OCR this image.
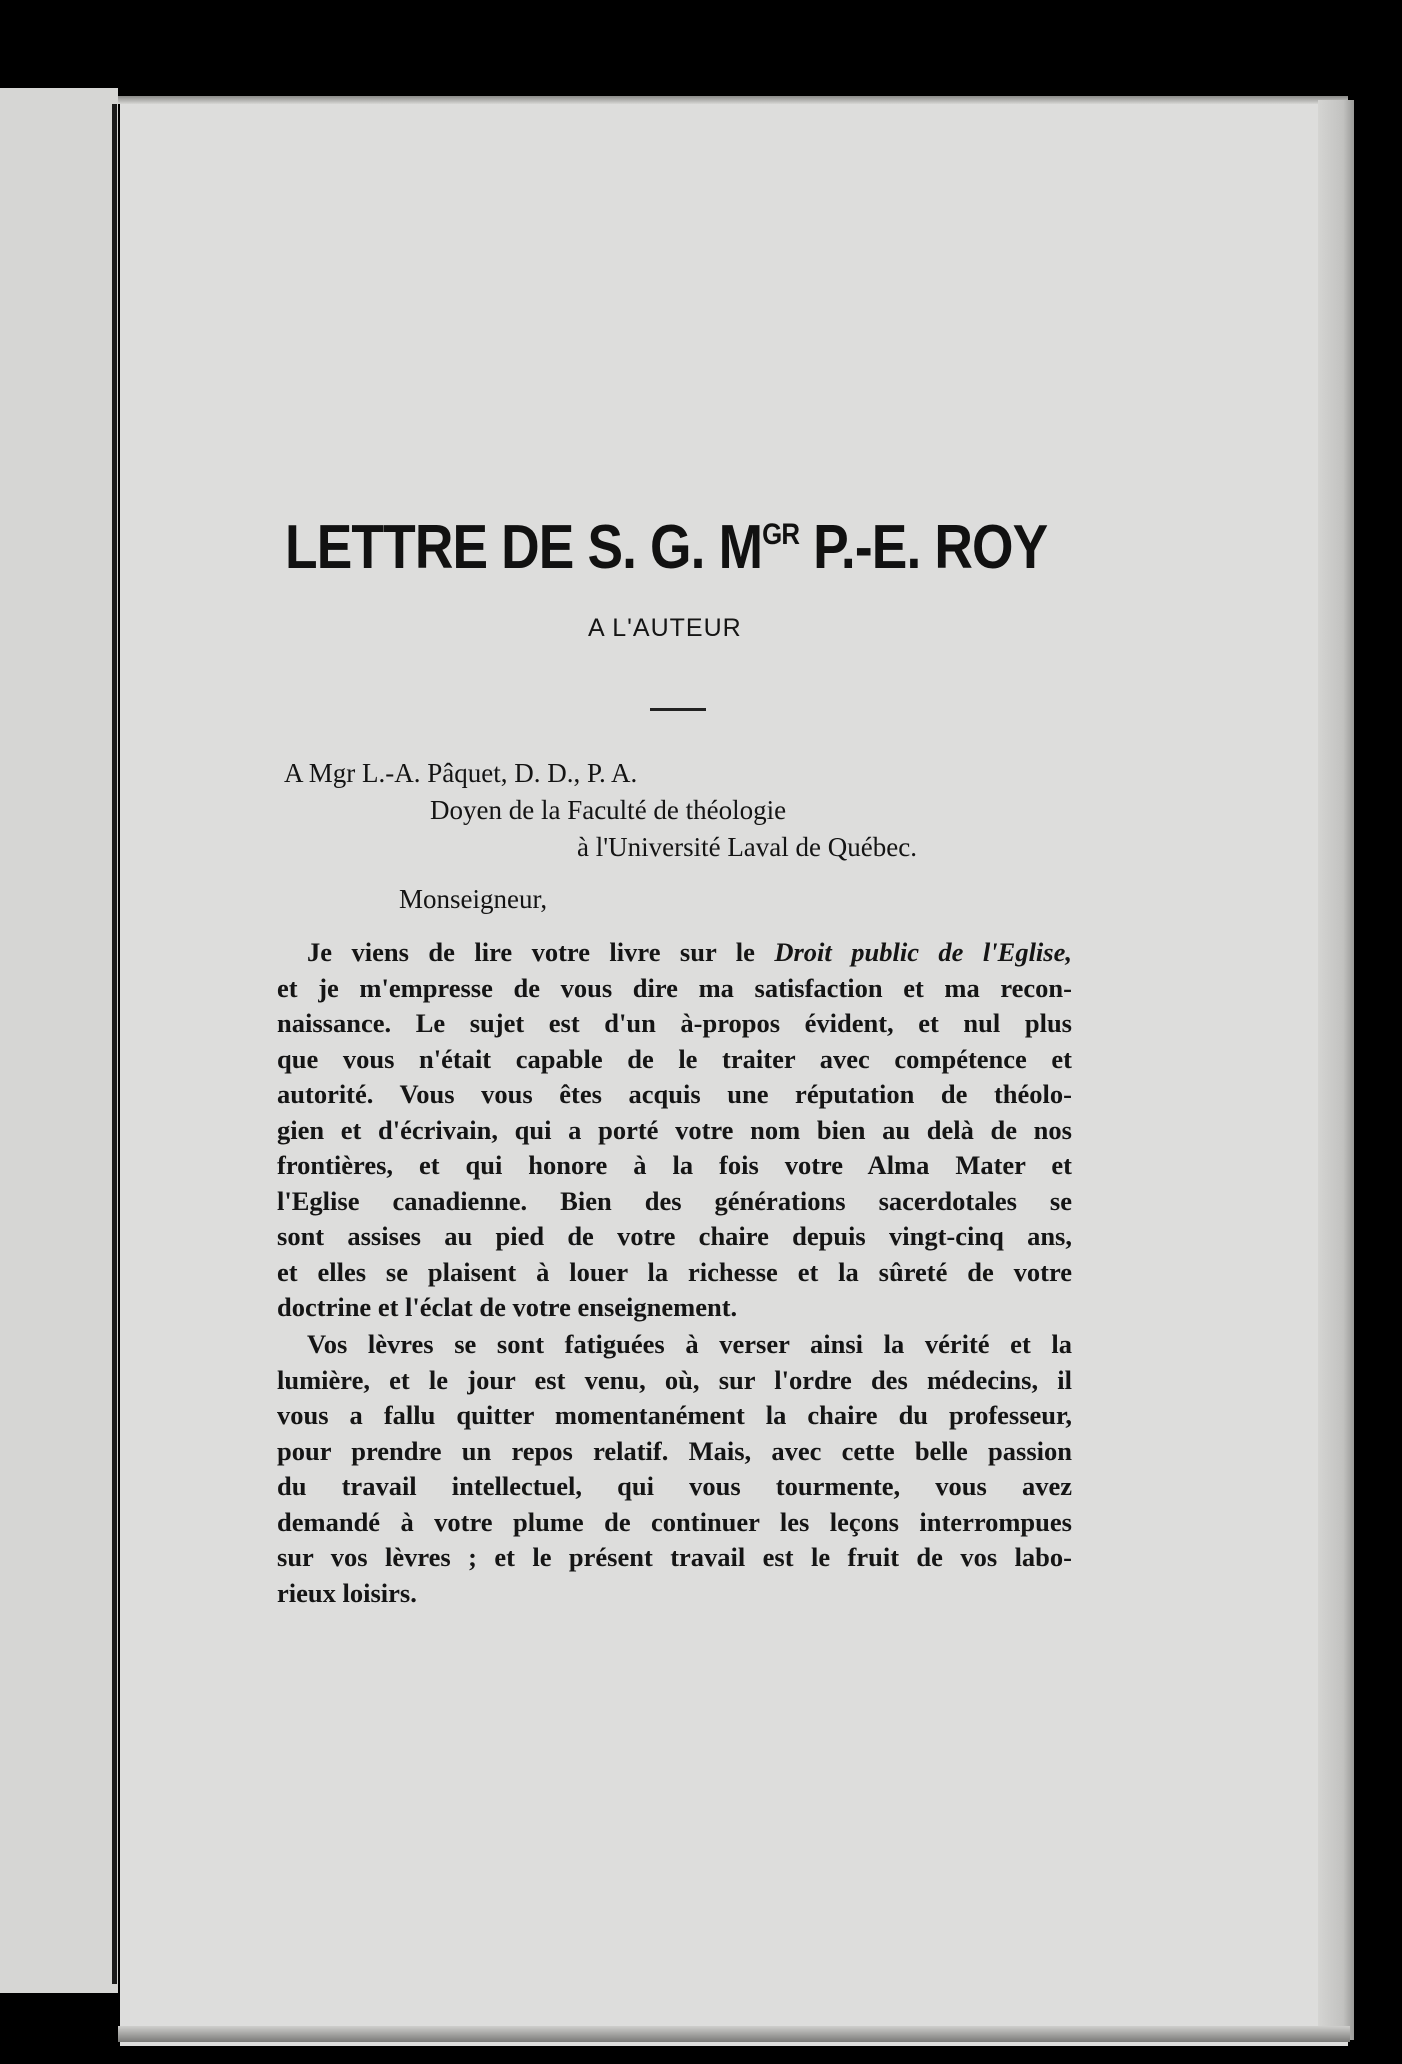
LETTRE DE S. G. $M^{GR}$ P.-E. ROY

A L'AUTEUR

A Mgr L.-A. Pâquet, D. D., P. A.

Doyen de la Faculté de théologie

à l'Université Laval de Québec.

Monseigneur,

Je viens de lire votre livre sur le Droit public de l'Eglise,
et je m'empresse de vous dire ma satisfaction et ma recon-
naissance. Le sujet est d'un à-propos évident, et nul plus
que vous n'était capable de le traiter avec compétence et
autorité. Vous vous êtes acquis une réputation de théolo-
gien et d'écrivain, qui a porté votre nom bien au delà de nos
frontières, et qui honore à la fois votre Alma Mater et
l'Eglise canadienne. Bien des générations sacerdotales se
sont assises au pied de votre chaire depuis vingt-cinq ans,
et elles se plaisent à louer la richesse et la sûreté de votre
doctrine et l'éclat de votre enseignement.
Vos lèvres se sont fatiguées à verser ainsi la vérité et la
lumière, et le jour est venu, où, sur l'ordre des médecins, il
vous a fallu quitter momentanément la chaire du professeur,
pour prendre un repos relatif. Mais, avec cette belle passion
du travail intellectuel, qui vous tourmente, vous avez
demandé à votre plume de continuer les leçons interrompues
sur vos lèvres ; et le présent travail est le fruit de vos labo-
rieux loisirs.
